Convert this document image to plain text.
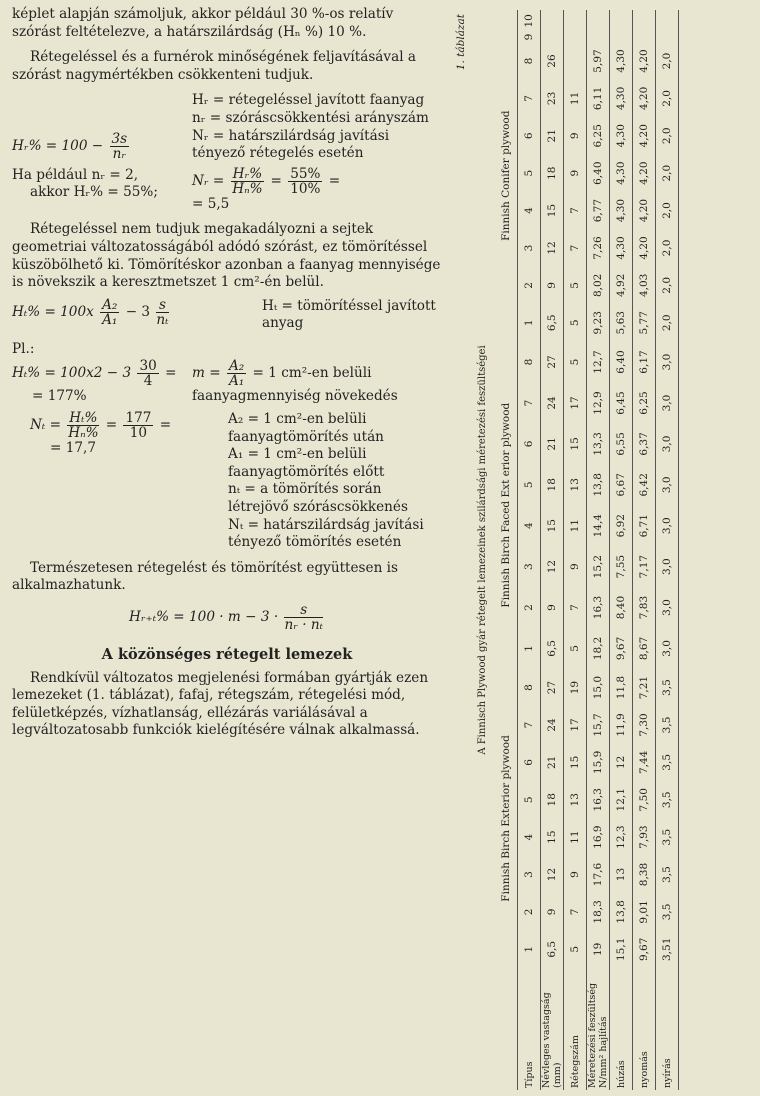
képlet alapján számoljuk, akkor például 30 %-os relatív szórást feltételezve, a határszilárdság (Hₙ %) 10 %.

Rétegeléssel és a furnérok minőségének feljavításával a szórást nagymértékben csökkenteni tudjuk.

Hᵣ% = $100 - \frac{3s}{\text{nᵣ}}$

Hᵣ = rétegeléssel javított faanyag

nᵣ = szóráscsökkentési arányszám

Nᵣ = határszilárdság javítási tényező rétegelés esetén

Ha például nᵣ = 2,

akkor Hᵣ% = 55%;

Nᵣ = $\frac{\text{Hᵣ\%}}{\text{Hₙ\%}} = \frac{55\%}{10\%}$ =

= 5,5

Rétegeléssel nem tudjuk megakadályozni a sejtek geometriai változatosságából adódó szórást, ez tömörítéssel küszöbölhető ki. Tömörítéskor azonban a faanyag mennyisége is növekszik a keresztmetszet 1 cm²-én belül.

$H_t\% = 100x \frac{\text{A₂}}{\text{A₁}} - 3 \frac{s}{\text{nₜ}}$	Hₜ = tömörítéssel javított anyag

Pl.:

$H_t\% = 100x2 - 3 \frac{30}{4}$ =

= 177%

$m = \frac{\text{A₂}}{\text{A₁}} = 1$ cm²-en belüli faanyagmennyiség növekedés
$N_t = \frac{\text{Hₜ\%}}{\text{Hₙ\%}} = \frac{177}{10}$ =

= 17,7

A₂ = 1 cm²-en belüli faanyagtömörítés után

A₁ = 1 cm²-en belüli faanyagtömörítés előtt

nₜ = a tömörítés során létrejövő szóráscsökkenés

Nₜ = határszilárdság javítási tényező tömörítés esetén

Természetesen rétegelést és tömörítést együttesen is alkalmazhatunk.

Hᵣ₊ₜ% = $100 \cdot m - 3 \cdot \frac{s}{\text{nᵣ · nₜ}}$
A közönséges rétegelt lemezek

Rendkívül változatos megjelenési formában gyártják ezen lemezeket (1. táblázat), fafaj, rétegszám, rétegelési mód, felületképzés, vízhatlanság, ellézárás variálásával a legváltozatosabb funkciók kielégítésére válnak alkalmassá.

1. táblázat
A Finnisch Plywood gyár rétegelt lemezeinek szilárdsági méretezési feszültségei
	Finnish Birch Exterior plywood								Finnish Birch Faced Ext erior plywood								Finnish Conifer plywood									
Típus	1	2	3	4	5	6	7	8	1	2	3	4	5	6	7	8	1	2	3	4	5	6	7	8	9	10
Névleges vastagság (mm)	6,5	9	12	15	18	21	24	27	6,5	9	12	15	18	21	24	27	6,5	9	12	15	18	21	23	26		
Rétegszám	5	7	9	11	13	15	17	19	5	7	9	11	13	15	17	5	5	5	7	7	9	9	11			
Méretezési feszültség N/mm² hajlítás	19	18,3	17,6	16,9	16,3	15,9	15,7	15,0	18,2	16,3	15,2	14,4	13,8	13,3	12,9	12,7	9,23	8,02	7,26	6,77	6,40	6,25	6,11	5,97		
húzás	15,1	13,8	13	12,3	12,1	12	11,9	11,8	9,67	8,40	7,55	6,92	6,67	6,55	6,45	6,40	5,63	4,92	4,30	4,30	4,30	4,30	4,30	4,30		
nyomás	9,67	9,01	8,38	7,93	7,50	7,44	7,30	7,21	8,67	7,83	7,17	6,71	6,42	6,37	6,25	6,17	5,77	4,03	4,20	4,20	4,20	4,20	4,20	4,20		
nyírás	3,51	3,5	3,5	3,5	3,5	3,5	3,5	3,5	3,0	3,0	3,0	3,0	3,0	3,0	3,0	3,0	2,0	2,0	2,0	2,0	2,0	2,0	2,0	2,0		
